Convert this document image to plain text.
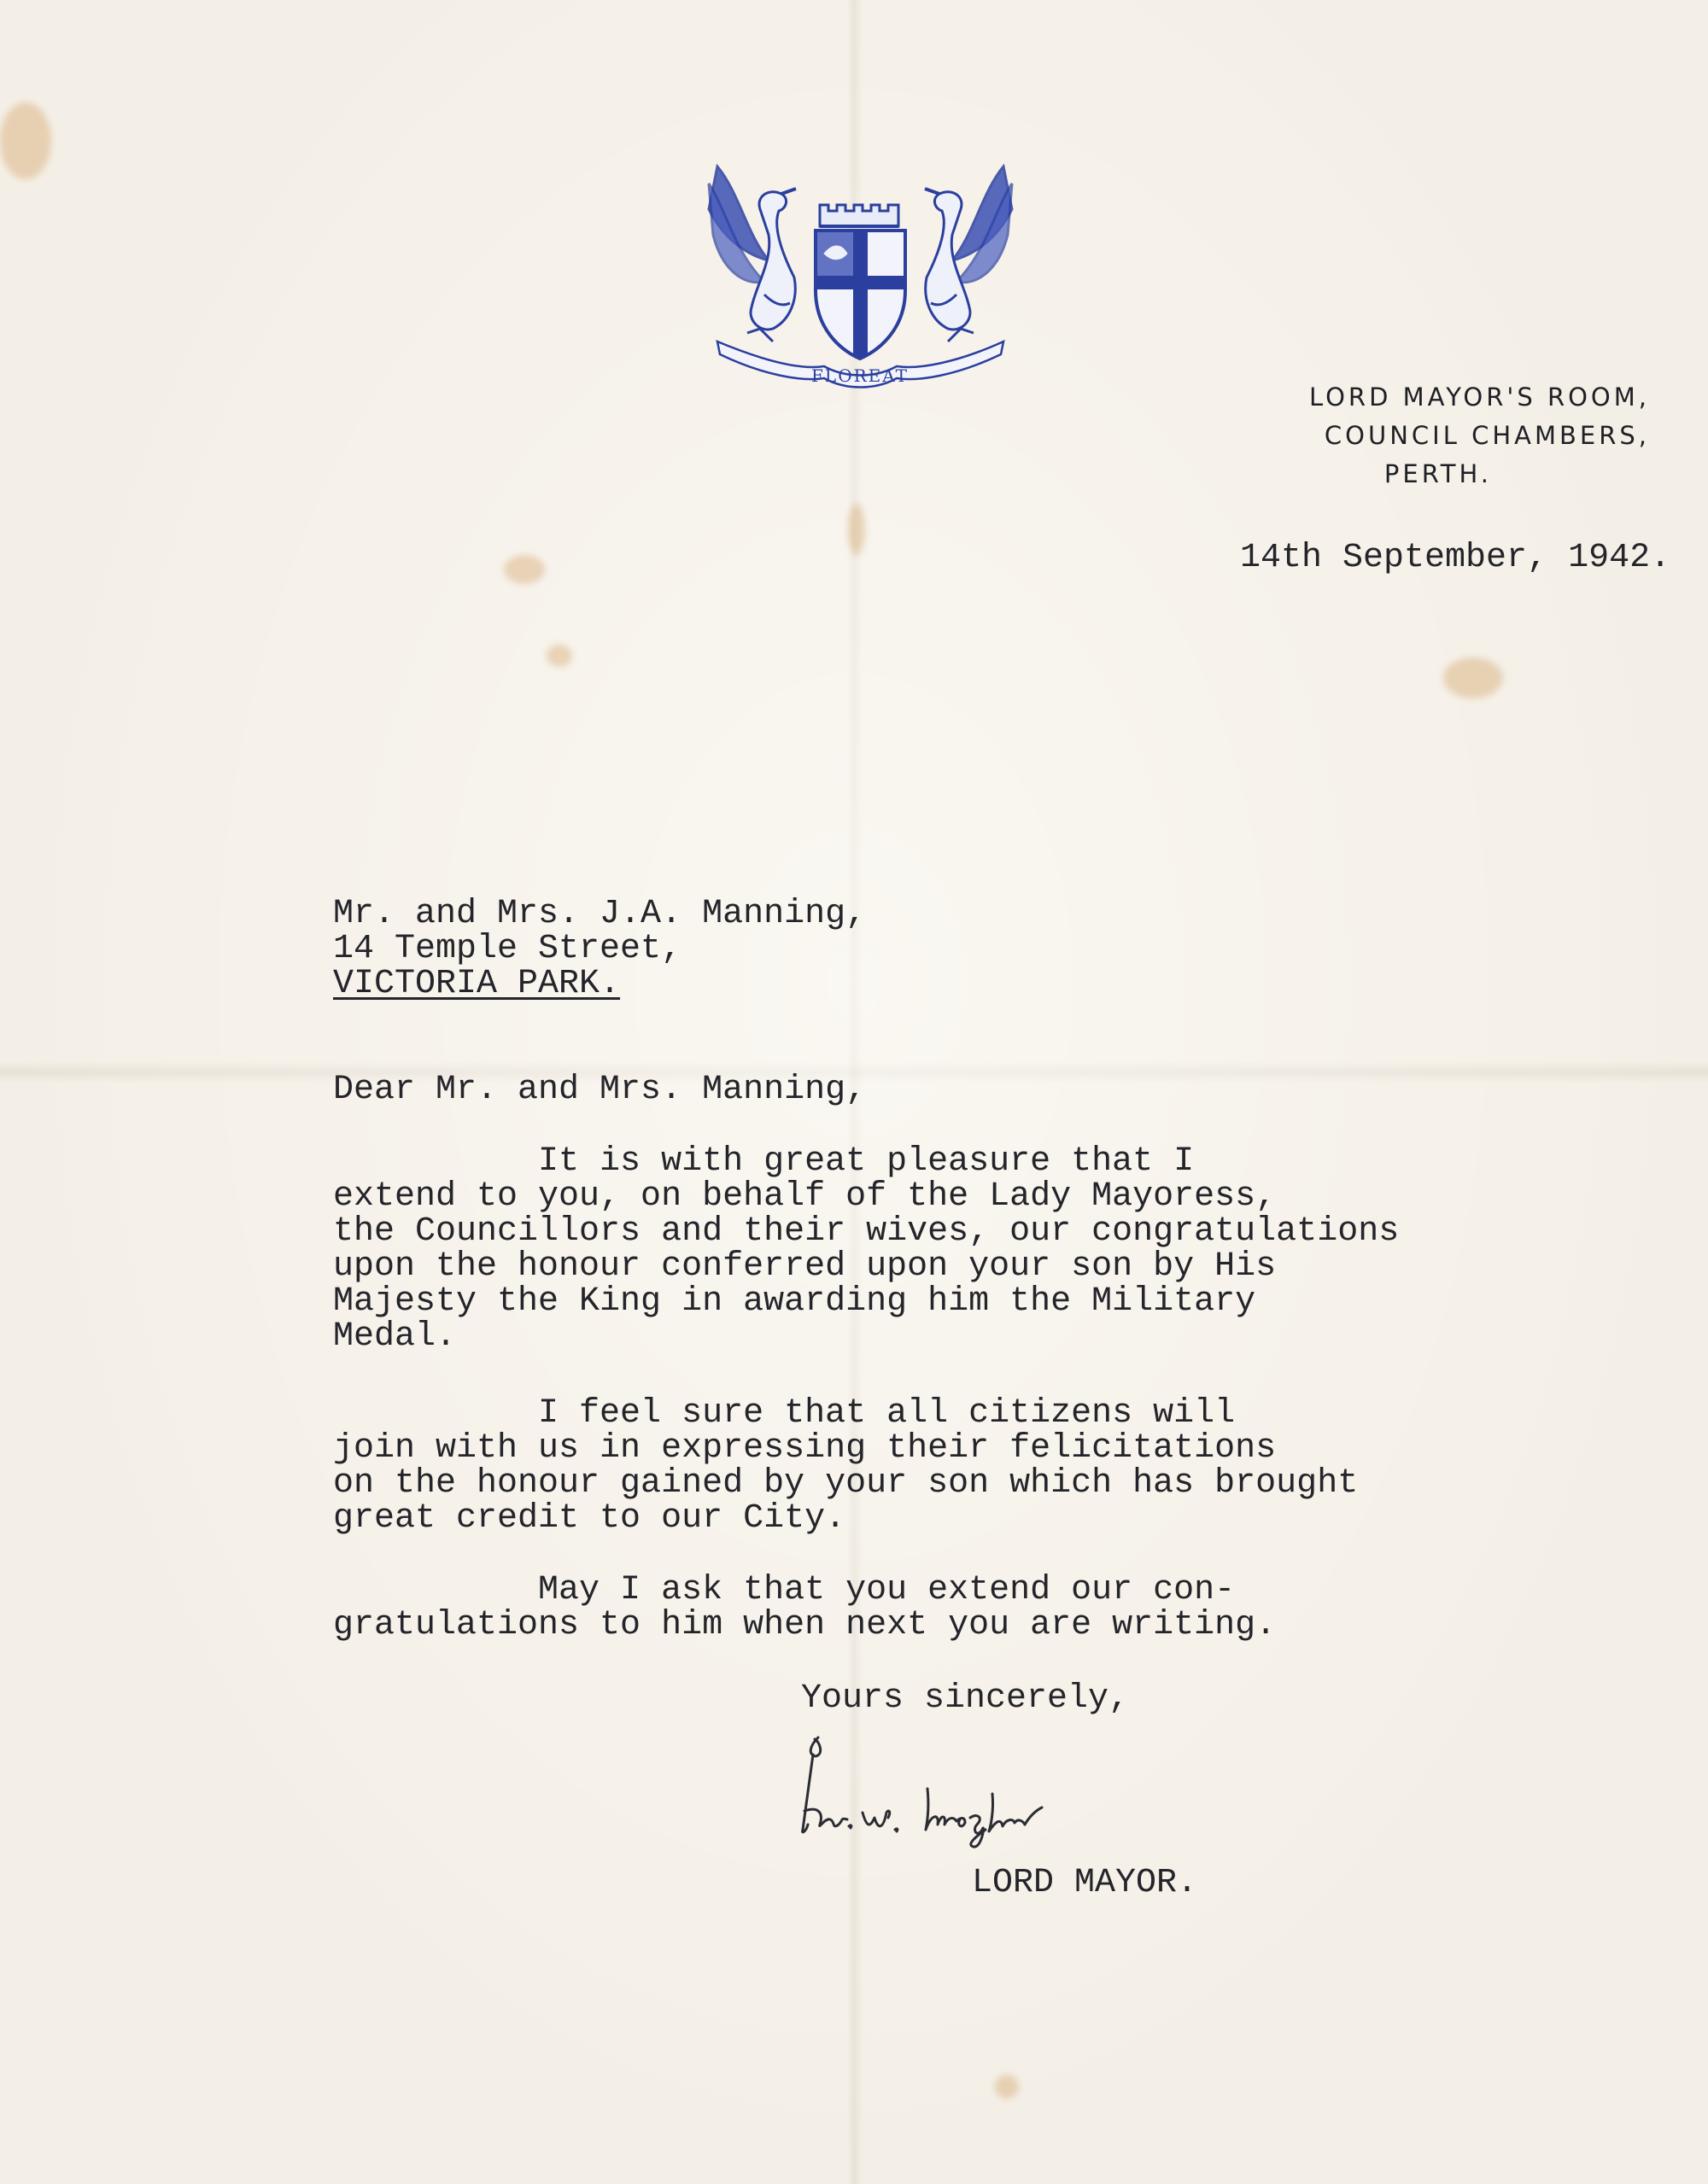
FLOREAT
LORD MAYOR'S ROOM,
COUNCIL CHAMBERS,
PERTH.
14th September, 1942.
Mr. and Mrs. J.A. Manning,
14 Temple Street,
VICTORIA PARK.
Dear Mr. and Mrs. Manning,
It is with great pleasure that I
extend to you, on behalf of the Lady Mayoress,
the Councillors and their wives, our congratulations
upon the honour conferred upon your son by His
Majesty the King in awarding him the Military
Medal.
I feel sure that all citizens will
join with us in expressing their felicitations
on the honour gained by your son which has brought
great credit to our City.
May I ask that you extend our con-
gratulations to him when next you are writing.
Yours sincerely,
LORD MAYOR.
